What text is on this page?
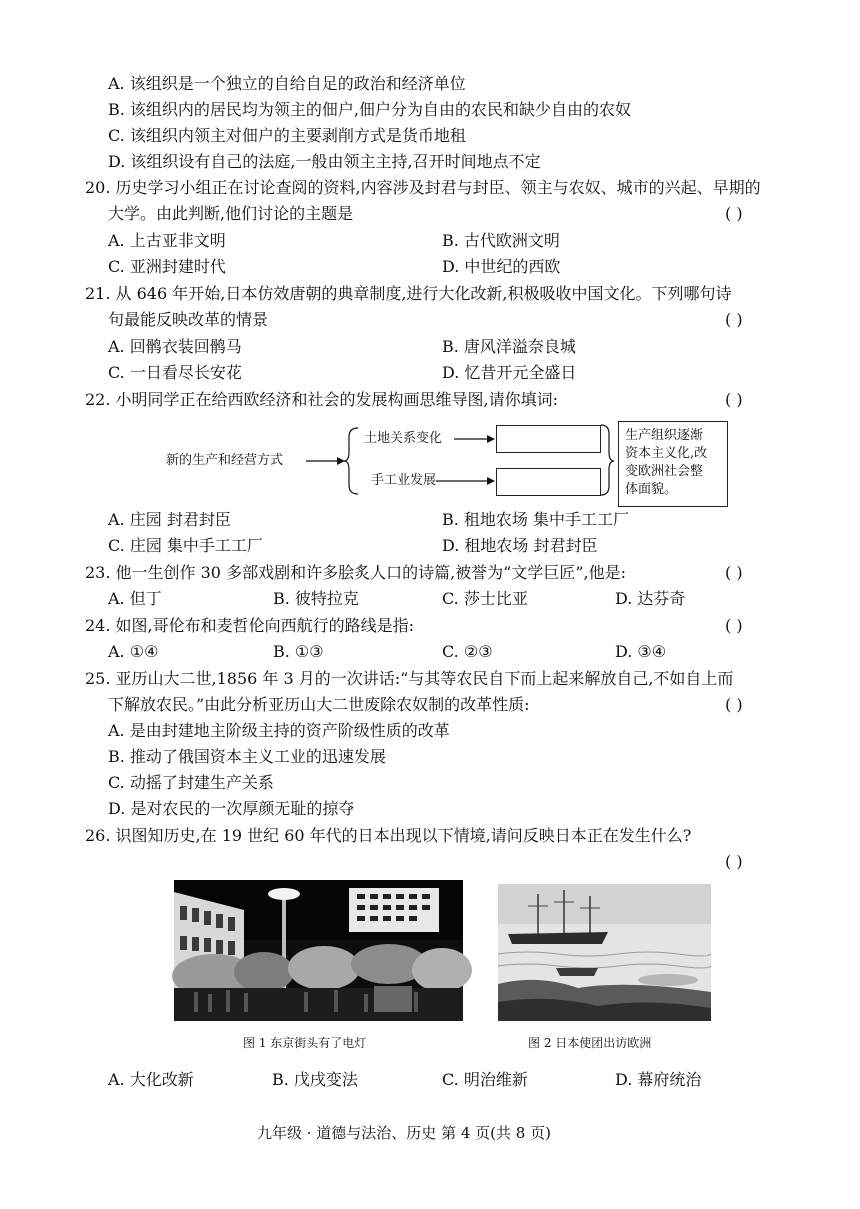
A. 该组织是一个独立的自给自足的政治和经济单位
B. 该组织内的居民均为领主的佃户,佃户分为自由的农民和缺少自由的农奴
C. 该组织内领主对佃户的主要剥削方式是货币地租
D. 该组织设有自己的法庭,一般由领主主持,召开时间地点不定
20. 历史学习小组正在讨论查阅的资料,内容涉及封君与封臣、领主与农奴、城市的兴起、早期的
大学。由此判断,他们讨论的主题是	( )
A. 上古亚非文明	B. 古代欧洲文明
C. 亚洲封建时代	D. 中世纪的西欧
21. 从 646 年开始,日本仿效唐朝的典章制度,进行大化改新,积极吸收中国文化。下列哪句诗
句最能反映改革的情景	( )
A. 回鹘衣装回鹘马	B. 唐风洋溢奈良城
C. 一日看尽长安花	D. 忆昔开元全盛日
22. 小明同学正在给西欧经济和社会的发展构画思维导图,请你填词:	( )
新的生产和经营方式
土地关系变化
手工业发展
生产组织逐渐
资本主义化,改
变欧洲社会整
体面貌。
A. 庄园 封君封臣	B. 租地农场 集中手工工厂
C. 庄园 集中手工工厂	D. 租地农场 封君封臣
23. 他一生创作 30 多部戏剧和许多脍炙人口的诗篇,被誉为“文学巨匠”,他是:	( )
A. 但丁	B. 彼特拉克	C. 莎士比亚	D. 达芬奇
24. 如图,哥伦布和麦哲伦向西航行的路线是指:	( )
A. ①④	B. ①③	C. ②③	D. ③④
25. 亚历山大二世,1856 年 3 月的一次讲话:“与其等农民自下而上起来解放自己,不如自上而
下解放农民。”由此分析亚历山大二世废除农奴制的改革性质:	( )
A. 是由封建地主阶级主持的资产阶级性质的改革
B. 推动了俄国资本主义工业的迅速发展
C. 动摇了封建生产关系
D. 是对农民的一次厚颜无耻的掠夺
26. 识图知历史,在 19 世纪 60 年代的日本出现以下情境,请问反映日本正在发生什么?
( )
图 1 东京街头有了电灯	图 2 日本使团出访欧洲
A. 大化改新	B. 戊戌变法	C. 明治维新	D. 幕府统治
九年级 · 道德与法治、历史 第 4 页(共 8 页)
